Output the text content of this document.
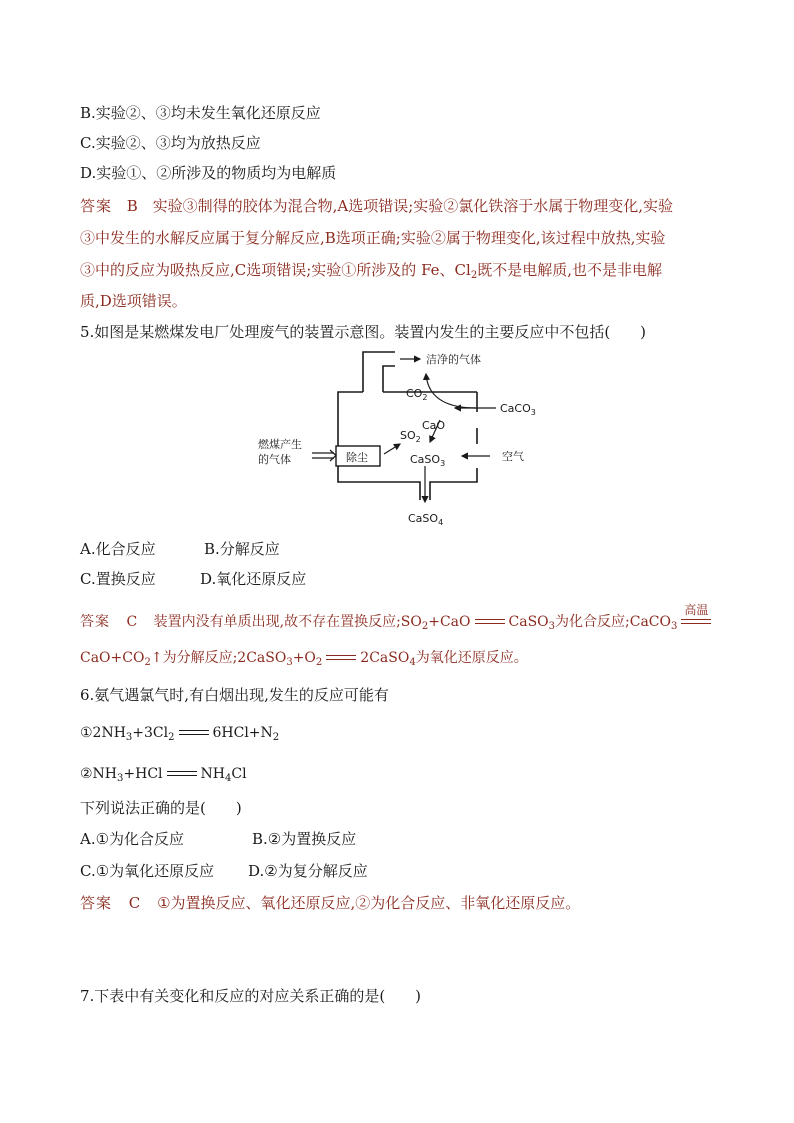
B.实验②、③均未发生氧化还原反应
C.实验②、③均为放热反应
D.实验①、②所涉及的物质均为电解质
答案 B 实验③制得的胶体为混合物,A选项错误;实验②氯化铁溶于水属于物理变化,实验
③中发生的水解反应属于复分解反应,B选项正确;实验②属于物理变化,该过程中放热,实验
③中的反应为吸热反应,C选项错误;实验①所涉及的 Fe、$Cl_2$既不是电解质,也不是非电解
质,D选项错误。
5.如图是某燃煤发电厂处理废气的装置示意图。装置内发生的主要反应中不包括(　　)
除尘
洁净的气体
$CO_2$
CaCO$_3$
CaO
$SO_2$
CaSO$_3$
空气
CaSO$_4$
燃煤产生
的气体
A.化合反应	B.分解反应
C.置换反应	D.氧化还原反应
答案 C 装置内没有单质出现,故不存在置换反应$;SO_2+CaO$	CaSO$_3$为化合反应;CaCO$_3$
高温
$CaO+CO_2↑$为分解反应$;2CaSO_3+O_2$	2CaSO$_4$为氧化还原反应。
6.氨气遇氯气时,有白烟出现,发生的反应可能有
$①2NH_3+3Cl_2$	$6HCl+N_2$
$②NH_3+HCl$	$NH_4Cl$
下列说法正确的是(　　)
A.①为化合反应	B.②为置换反应
C.①为氧化还原反应 D.②为复分解反应
答案 C ①为置换反应、氧化还原反应,②为化合反应、非氧化还原反应。
7.下表中有关变化和反应的对应关系正确的是(　　)
